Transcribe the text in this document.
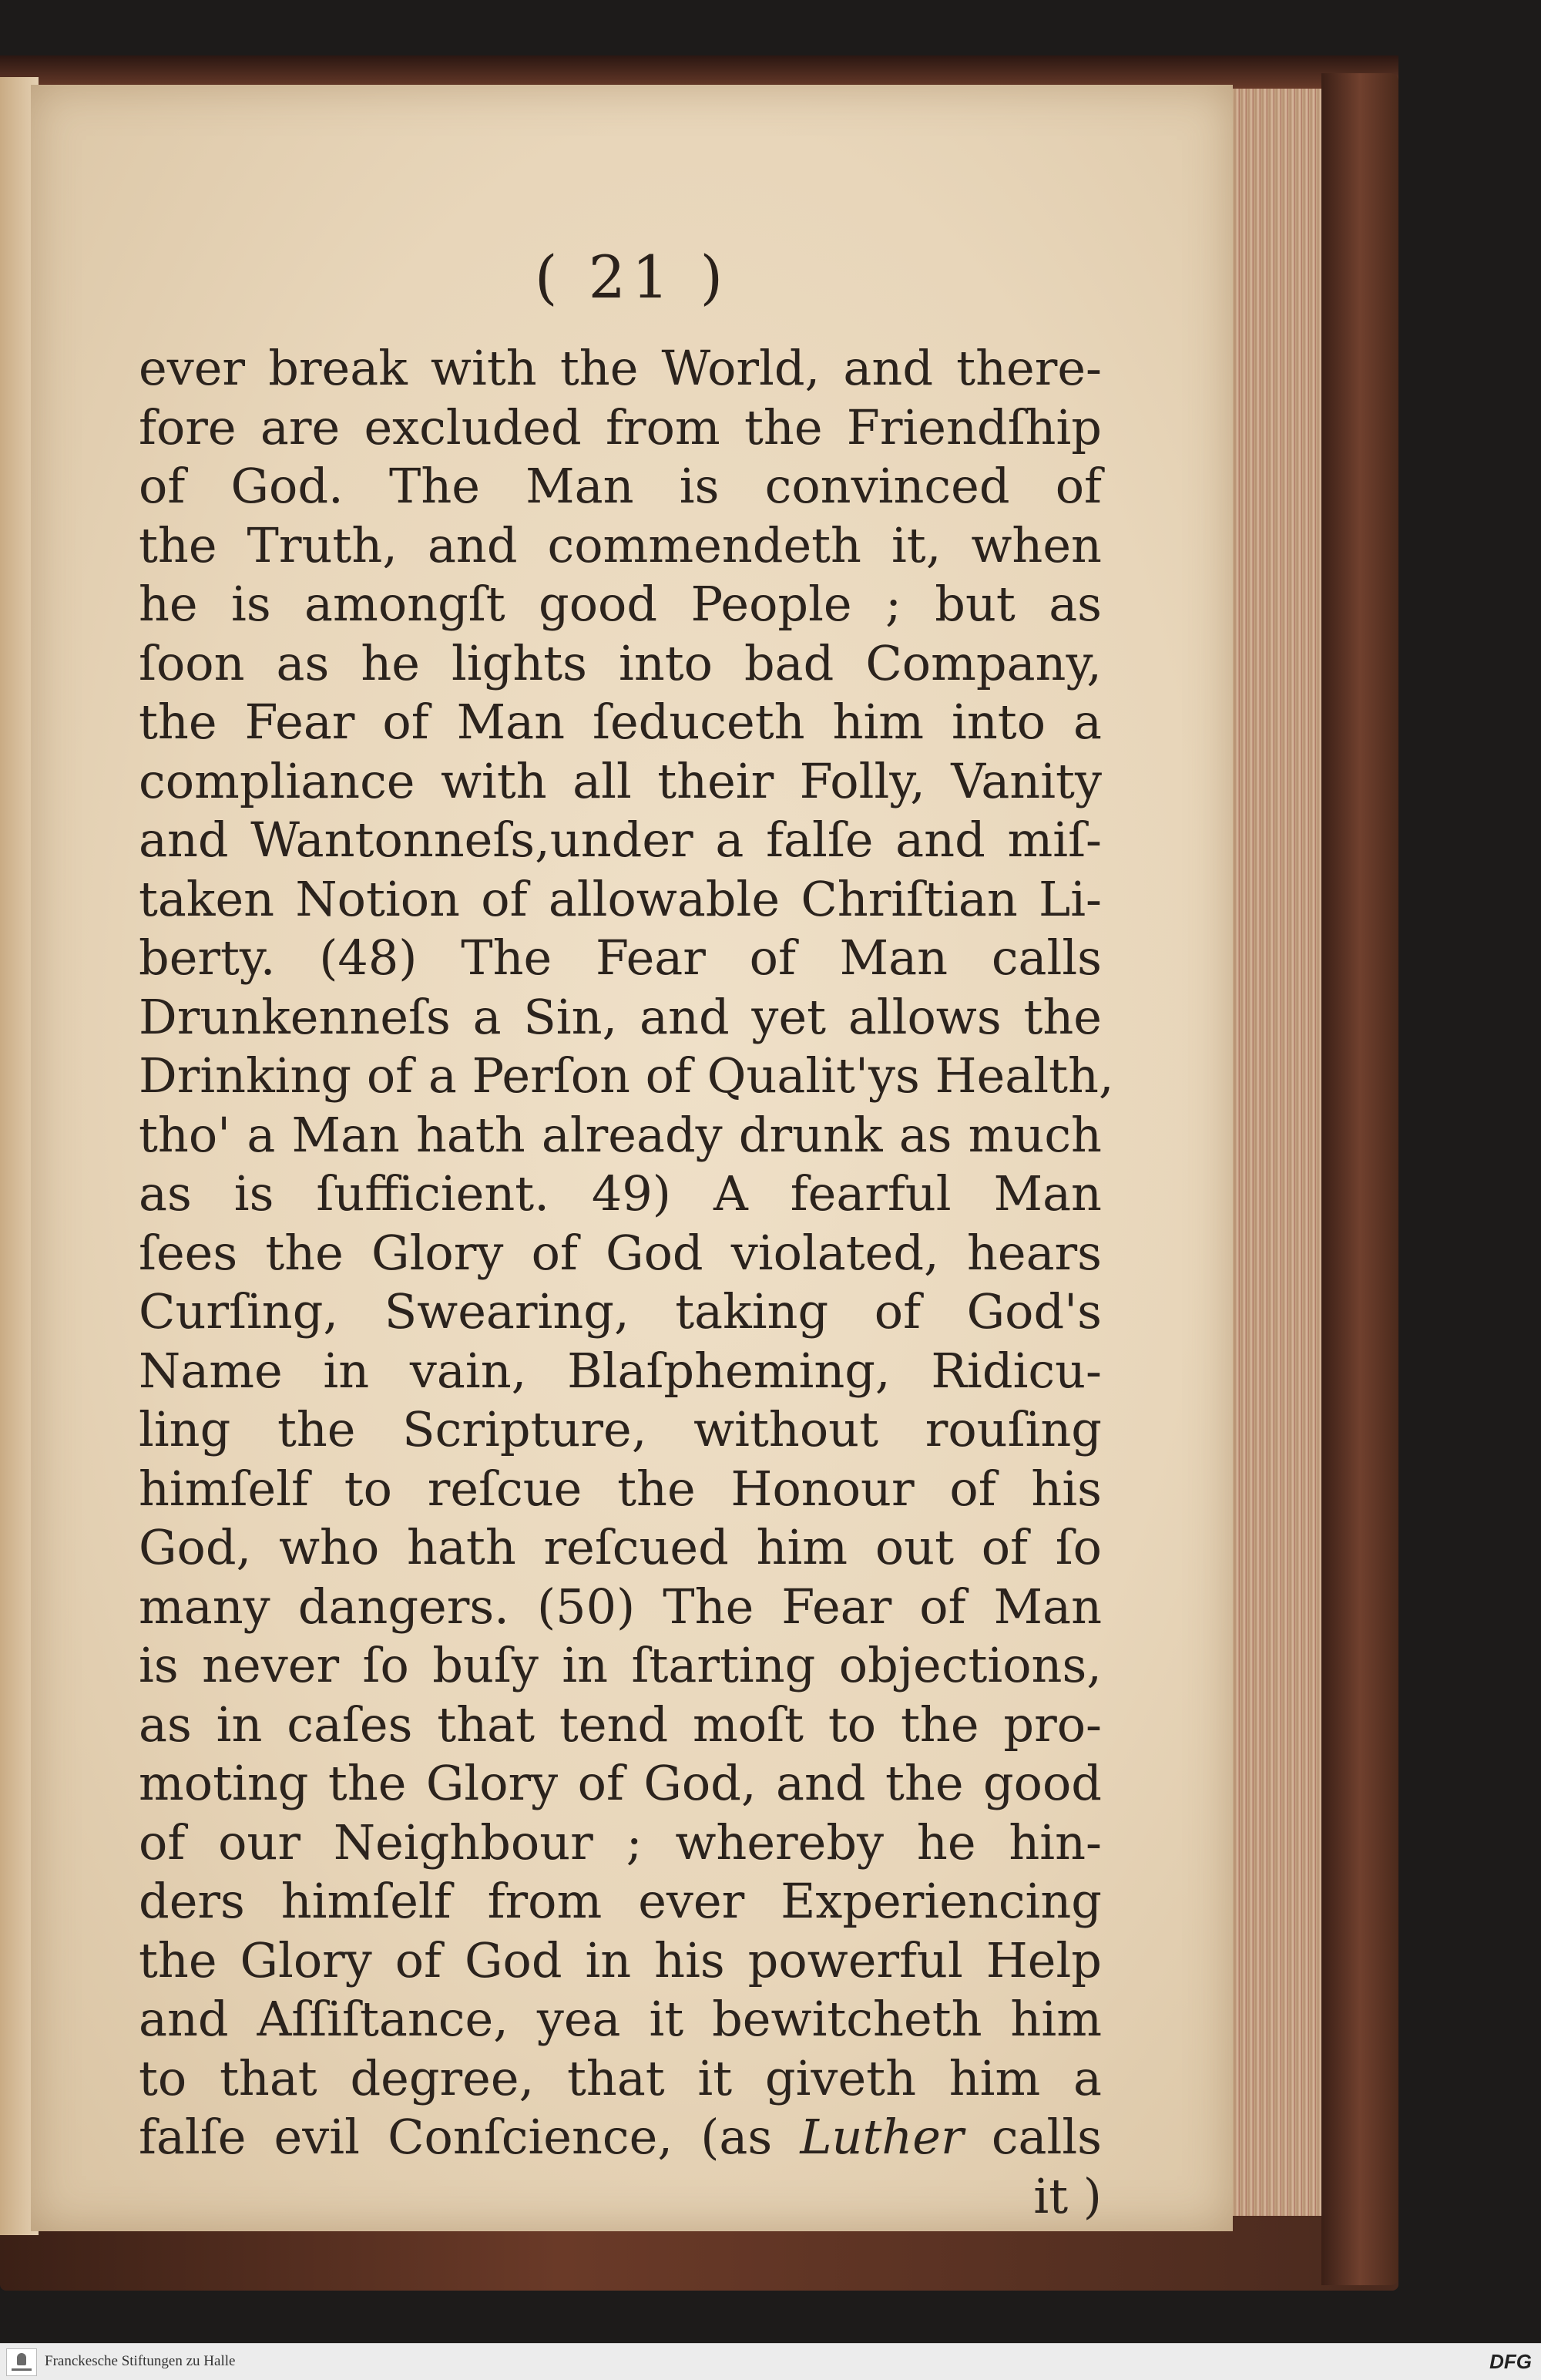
( 21 )
ever break with the World, and there-
fore are excluded from the Friendſhip
of God. The Man is convinced of
the Truth, and commendeth it, when
he is amongſt good People ; but as
ſoon as he lights into bad Company,
the Fear of Man ſeduceth him into a
compliance with all their Folly, Vanity
and Wantonneſs,under a falſe and miſ-
taken Notion of allowable Chriſtian Li-
berty. (48) The Fear of Man calls
Drunkenneſs a Sin, and yet allows the
Drinking of a Perſon of Qualit'ys Health,
tho' a Man hath already drunk as much
as is ſufficient. 49) A fearful Man
ſees the Glory of God violated, hears
Curſing, Swearing, taking of God's
Name in vain, Blaſpheming, Ridicu-
ling the Scripture, without rouſing
himſelf to reſcue the Honour of his
God, who hath reſcued him out of ſo
many dangers. (50) The Fear of Man
is never ſo buſy in ſtarting objections,
as in caſes that tend moſt to the pro-
moting the Glory of God, and the good
of our Neighbour ; whereby he hin-
ders himſelf from ever Experiencing
the Glory of God in his powerful Help
and Aſſiſtance, yea it bewitcheth him
to that degree, that it giveth him a
falſe evil Conſcience, (as Luther calls
it )
Franckesche Stiftungen zu Halle	DFG
